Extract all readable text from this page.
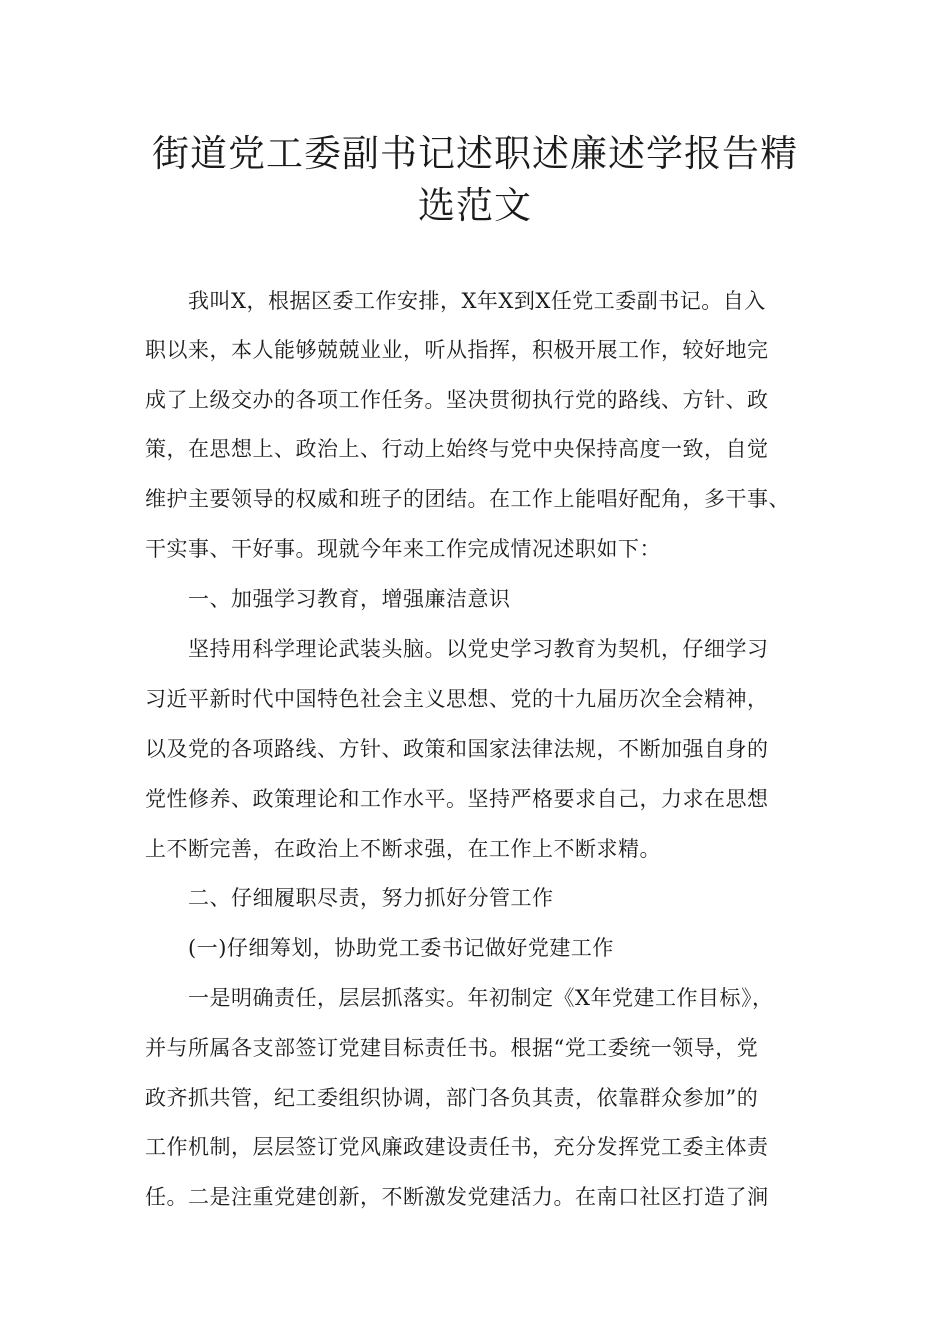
街道党工委副书记述职述廉述学报告精
选范文
我叫X，根据区委工作安排，X年X到X任党工委副书记。自入
职以来，本人能够兢兢业业，听从指挥，积极开展工作，较好地完
成了上级交办的各项工作任务。坚决贯彻执行党的路线、方针、政
策，在思想上、政治上、行动上始终与党中央保持高度一致，自觉
维护主要领导的权威和班子的团结。在工作上能唱好配角，多干事、
干实事、干好事。现就今年来工作完成情况述职如下：
一、加强学习教育，增强廉洁意识
坚持用科学理论武装头脑。以党史学习教育为契机，仔细学习
习近平新时代中国特色社会主义思想、党的十九届历次全会精神，
以及党的各项路线、方针、政策和国家法律法规，不断加强自身的
党性修养、政策理论和工作水平。坚持严格要求自己，力求在思想
上不断完善，在政治上不断求强，在工作上不断求精。
二、仔细履职尽责，努力抓好分管工作
(一)仔细筹划，协助党工委书记做好党建工作
一是明确责任，层层抓落实。年初制定《X年党建工作目标》，
并与所属各支部签订党建目标责任书。根据“党工委统一领导，党
政齐抓共管，纪工委组织协调，部门各负其责，依靠群众参加”的
工作机制，层层签订党风廉政建设责任书，充分发挥党工委主体责
任。二是注重党建创新，不断激发党建活力。在南口社区打造了涧
